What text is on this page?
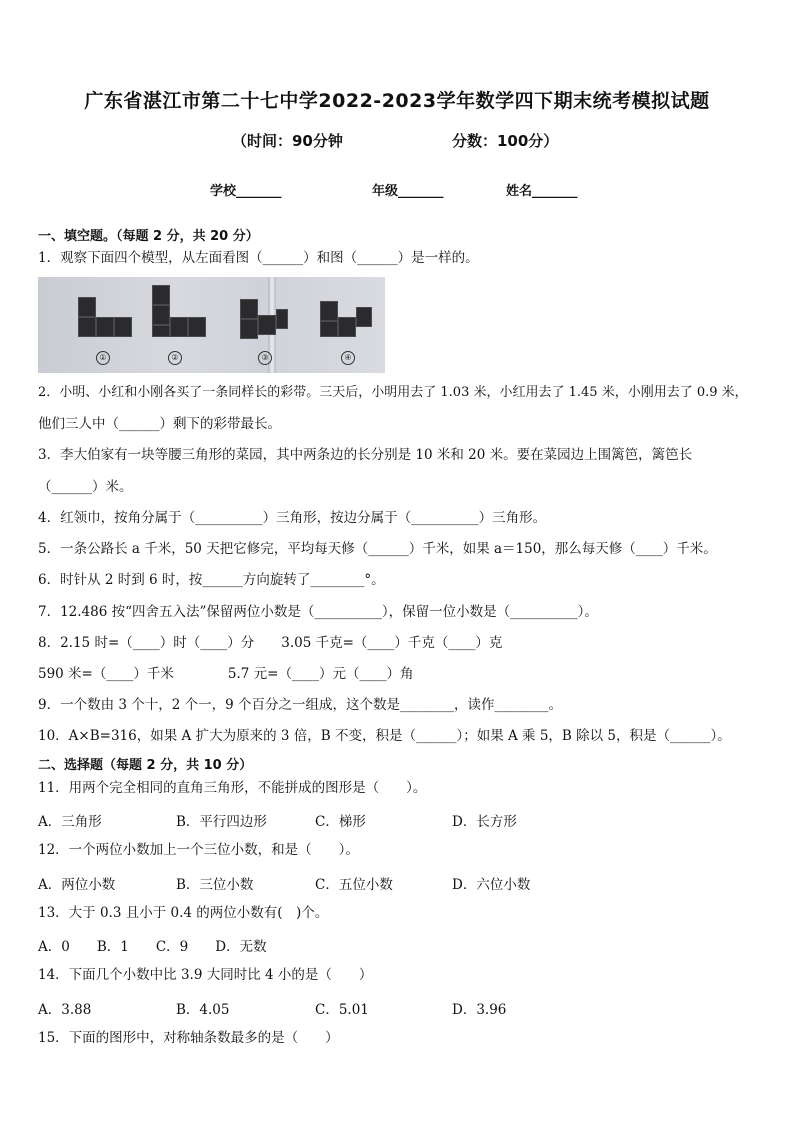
广东省湛江市第二十七中学2022-2023学年数学四下期末统考模拟试题
（时间：90分钟	分数：100分）
学校_______	年级_______	姓名_______
一、填空题。（每题 2 分，共 20 分）
1．观察下面四个模型，从左面看图（______）和图（______）是一样的。
①	②	③	④
2．小明、小红和小刚各买了一条同样长的彩带。三天后，小明用去了 1.03 米，小红用去了 1.45 米，小刚用去了 0.9 米，
他们三人中（______）剩下的彩带最长。
3．李大伯家有一块等腰三角形的菜园，其中两条边的长分别是 10 米和 20 米。要在菜园边上围篱笆，篱笆长
（______）米。
4．红领巾，按角分属于（__________）三角形，按边分属于（__________）三角形。
5．一条公路长 a 千米，50 天把它修完，平均每天修（______）千米，如果 a＝150，那么每天修（____）千米。
6．时针从 2 时到 6 时，按______方向旋转了________°。
7．12.486 按“四舍五入法”保留两位小数是（__________），保留一位小数是（__________）。
8．2.15 时=（____）时（____）分　　3.05 千克=（____）千克（____）克
590 米=（____）千米　　　　5.7 元=（____）元（____）角
9．一个数由 3 个十，2 个一，9 个百分之一组成，这个数是________，读作________。
10．A×B=316，如果 A 扩大为原来的 3 倍，B 不变，积是（______）；如果 A 乘 5，B 除以 5，积是（______）。
二、选择题（每题 2 分，共 10 分）
11．用两个完全相同的直角三角形，不能拼成的图形是（　　）。
A．三角形	B．平行四边形	C．梯形	D．长方形
12．一个两位小数加上一个三位小数，和是（　　）。
A．两位小数	B．三位小数	C．五位小数	D．六位小数
13．大于 0.3 且小于 0.4 的两位小数有(　)个。
A．0　　B．1　　C．9　　D．无数
14．下面几个小数中比 3.9 大同时比 4 小的是（　　）
A．3.88	B．4.05	C．5.01	D．3.96
15．下面的图形中，对称轴条数最多的是（　　）
